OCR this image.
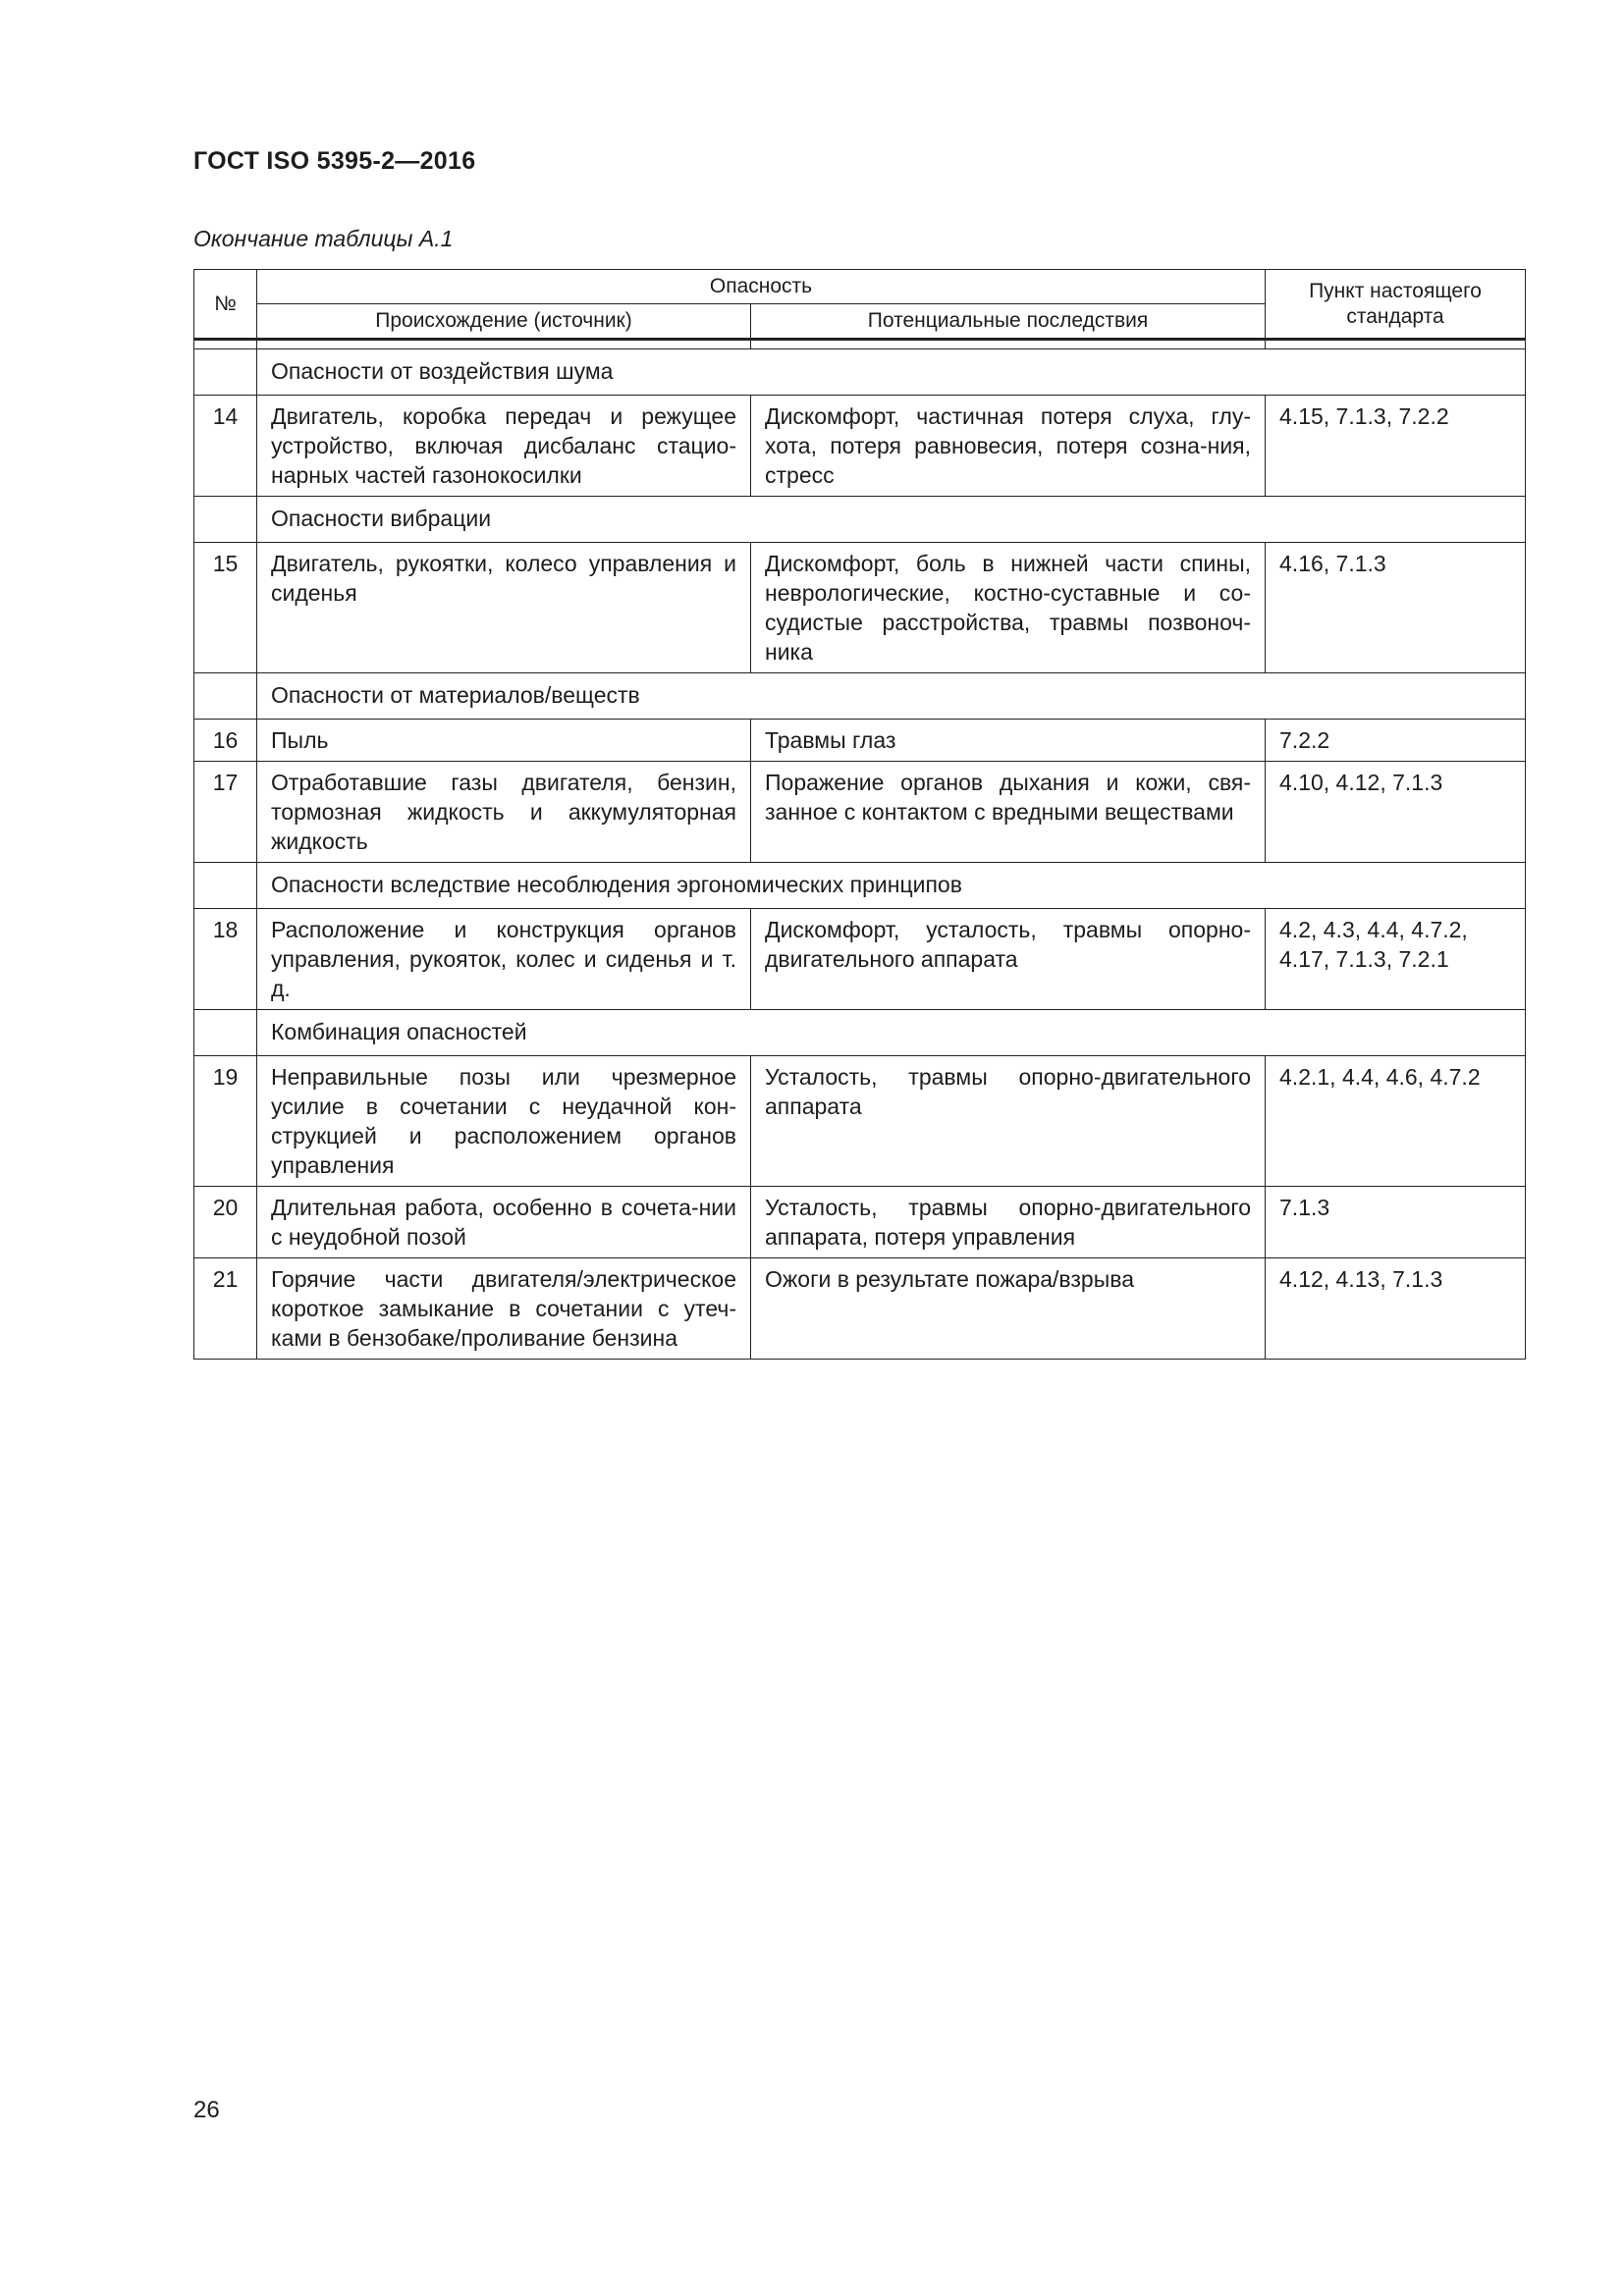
ГОСТ ISO 5395-2—2016
Окончание таблицы А.1
№	Опасность		Пункт настоящего стандарта
	Происхождение (источник)	Потенциальные последствия	

	Опасности от воздействия шума		
14	Двигатель, коробка передач и режущее устройство, включая дисбаланс стацио-нарных частей газонокосилки	Дискомфорт, частичная потеря слуха, глу-хота, потеря равновесия, потеря созна-ния, стресс	4.15, 7.1.3, 7.2.2
	Опасности вибрации		
15	Двигатель, рукоятки, колесо управления и сиденья	Дискомфорт, боль в нижней части спины, неврологические, костно-суставные и со-судистые расстройства, травмы позвоноч-ника	4.16, 7.1.3
	Опасности от материалов/веществ		
16	Пыль	Травмы глаз	7.2.2
17	Отработавшие газы двигателя, бензин, тормозная жидкость и аккумуляторная жидкость	Поражение органов дыхания и кожи, свя-занное с контактом с вредными веществами	4.10, 4.12, 7.1.3
	Опасности вследствие несоблюдения эргономических принципов		
18	Расположение и конструкция органов управления, рукояток, колес и сиденья и т. д.	Дискомфорт, усталость, травмы опорно-двигательного аппарата	4.2, 4.3, 4.4, 4.7.2, 4.17, 7.1.3, 7.2.1
	Комбинация опасностей		
19	Неправильные позы или чрезмерное усилие в сочетании с неудачной кон-струкцией и расположением органов управления	Усталость, травмы опорно-двигательного аппарата	4.2.1, 4.4, 4.6, 4.7.2
20	Длительная работа, особенно в сочета-нии с неудобной позой	Усталость, травмы опорно-двигательного аппарата, потеря управления	7.1.3
21	Горячие части двигателя/электрическое короткое замыкание в сочетании с утеч-ками в бензобаке/проливание бензина	Ожоги в результате пожара/взрыва	4.12, 4.13, 7.1.3
26
